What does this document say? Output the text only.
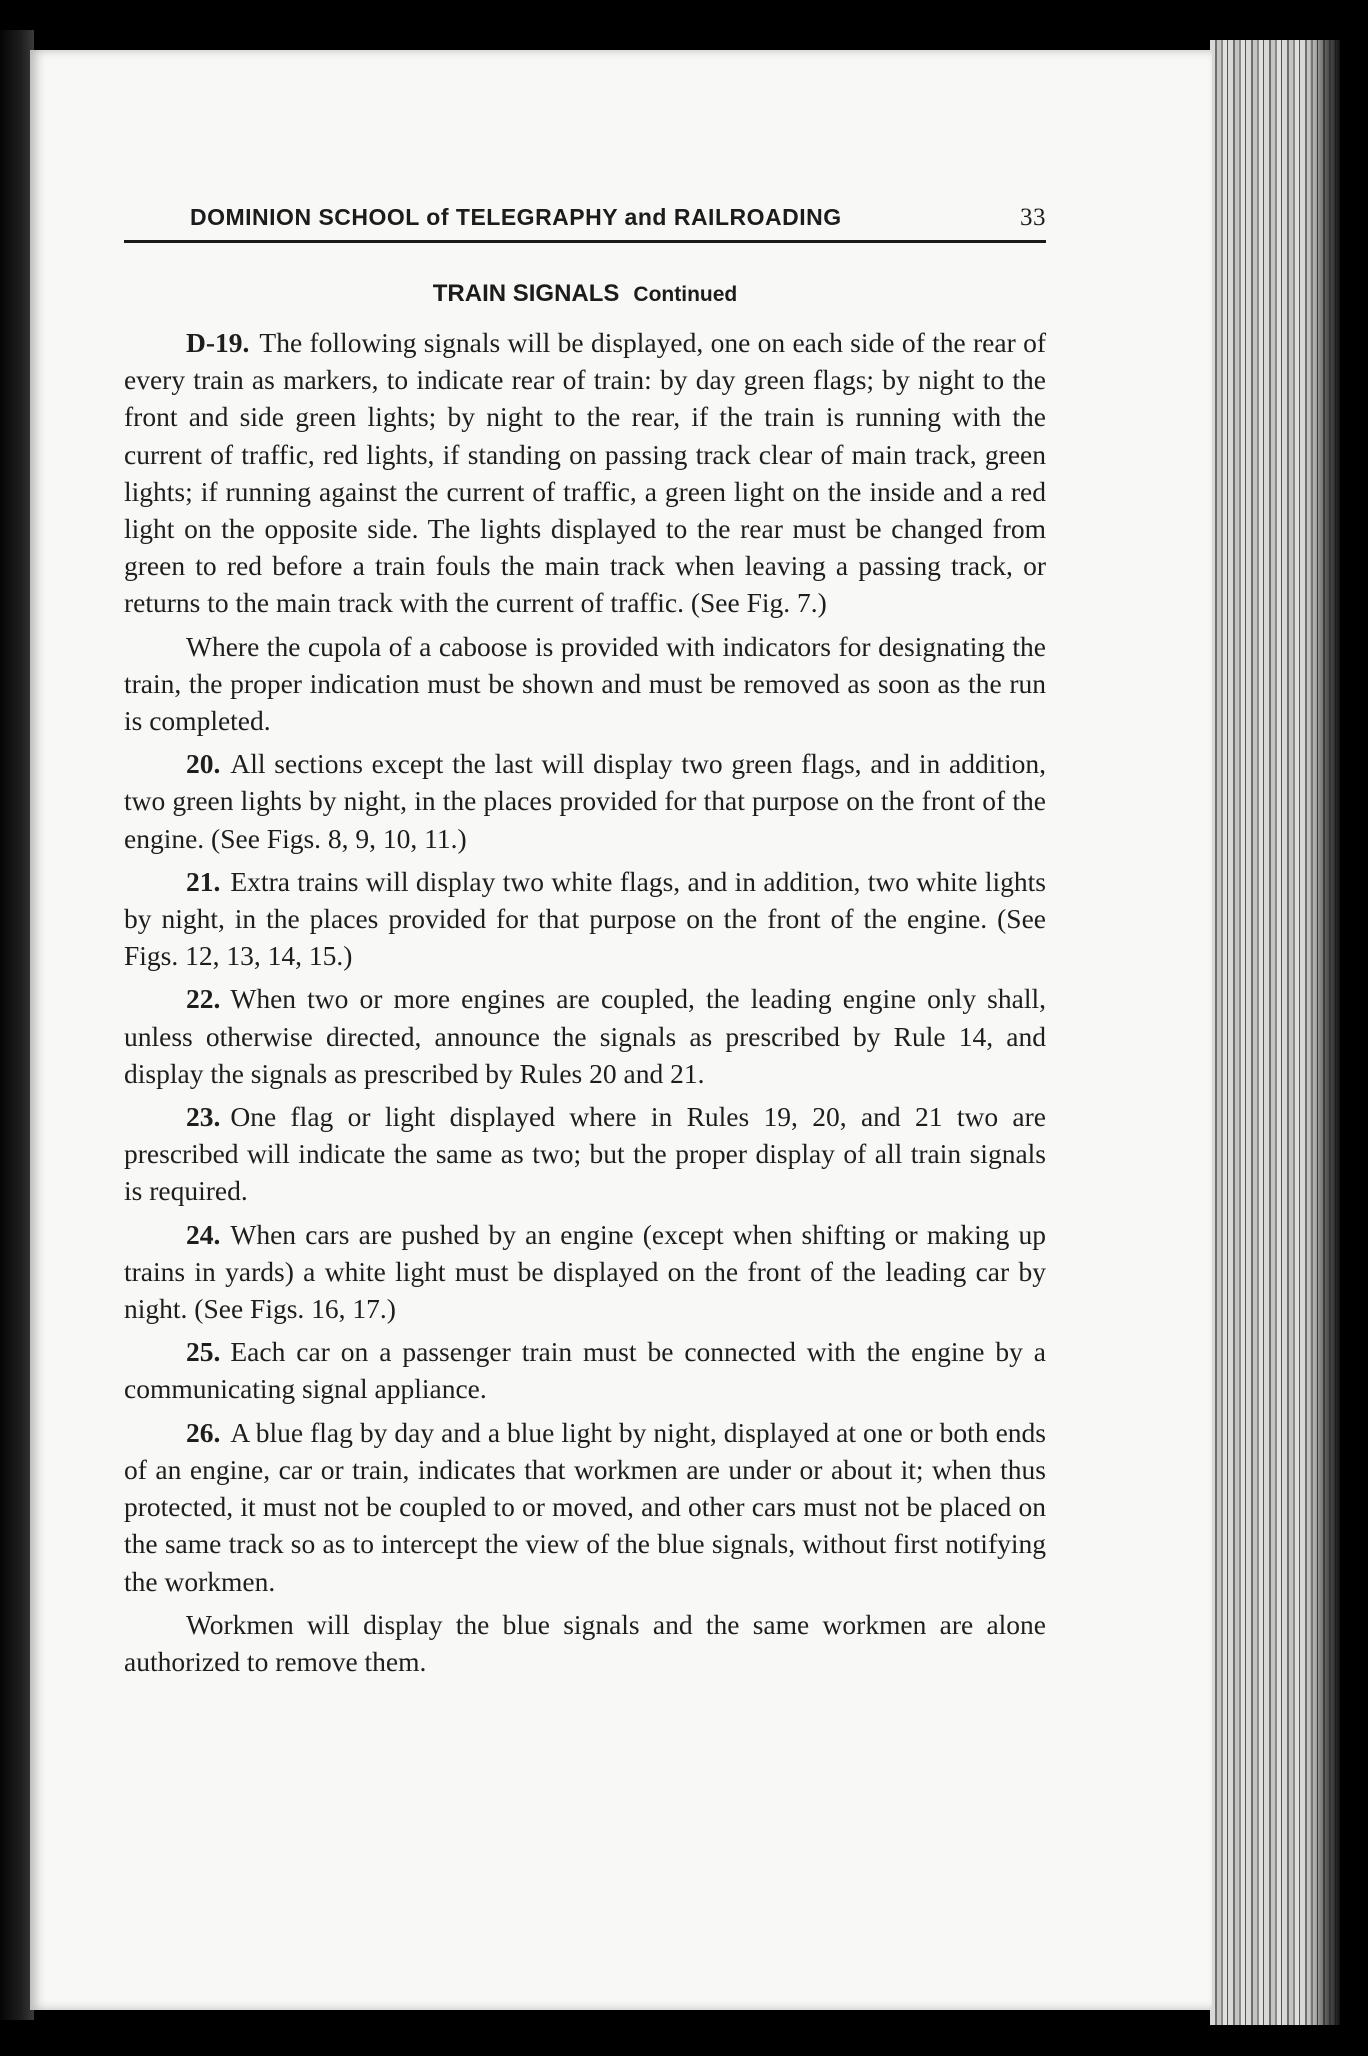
DOMINION SCHOOL of TELEGRAPHY and RAILROADING	33
TRAIN SIGNALS Continued

D-19. The following signals will be displayed, one on each side of the rear of every train as markers, to indicate rear of train: by day green flags; by night to the front and side green lights; by night to the rear, if the train is running with the current of traffic, red lights, if standing on passing track clear of main track, green lights; if running against the current of traffic, a green light on the inside and a red light on the opposite side. The lights displayed to the rear must be changed from green to red before a train fouls the main track when leaving a passing track, or returns to the main track with the current of traffic. (See Fig. 7.)

Where the cupola of a caboose is provided with indicators for designating the train, the proper indication must be shown and must be removed as soon as the run is completed.

20. All sections except the last will display two green flags, and in addition, two green lights by night, in the places provided for that purpose on the front of the engine. (See Figs. 8, 9, 10, 11.)

21. Extra trains will display two white flags, and in addition, two white lights by night, in the places provided for that purpose on the front of the engine. (See Figs. 12, 13, 14, 15.)

22. When two or more engines are coupled, the leading engine only shall, unless otherwise directed, announce the signals as prescribed by Rule 14, and display the signals as prescribed by Rules 20 and 21.

23. One flag or light displayed where in Rules 19, 20, and 21 two are prescribed will indicate the same as two; but the proper display of all train signals is required.

24. When cars are pushed by an engine (except when shifting or making up trains in yards) a white light must be displayed on the front of the leading car by night. (See Figs. 16, 17.)

25. Each car on a passenger train must be connected with the engine by a communicating signal appliance.

26. A blue flag by day and a blue light by night, displayed at one or both ends of an engine, car or train, indicates that workmen are under or about it; when thus protected, it must not be coupled to or moved, and other cars must not be placed on the same track so as to intercept the view of the blue signals, without first notifying the workmen.

Workmen will display the blue signals and the same workmen are alone authorized to remove them.
